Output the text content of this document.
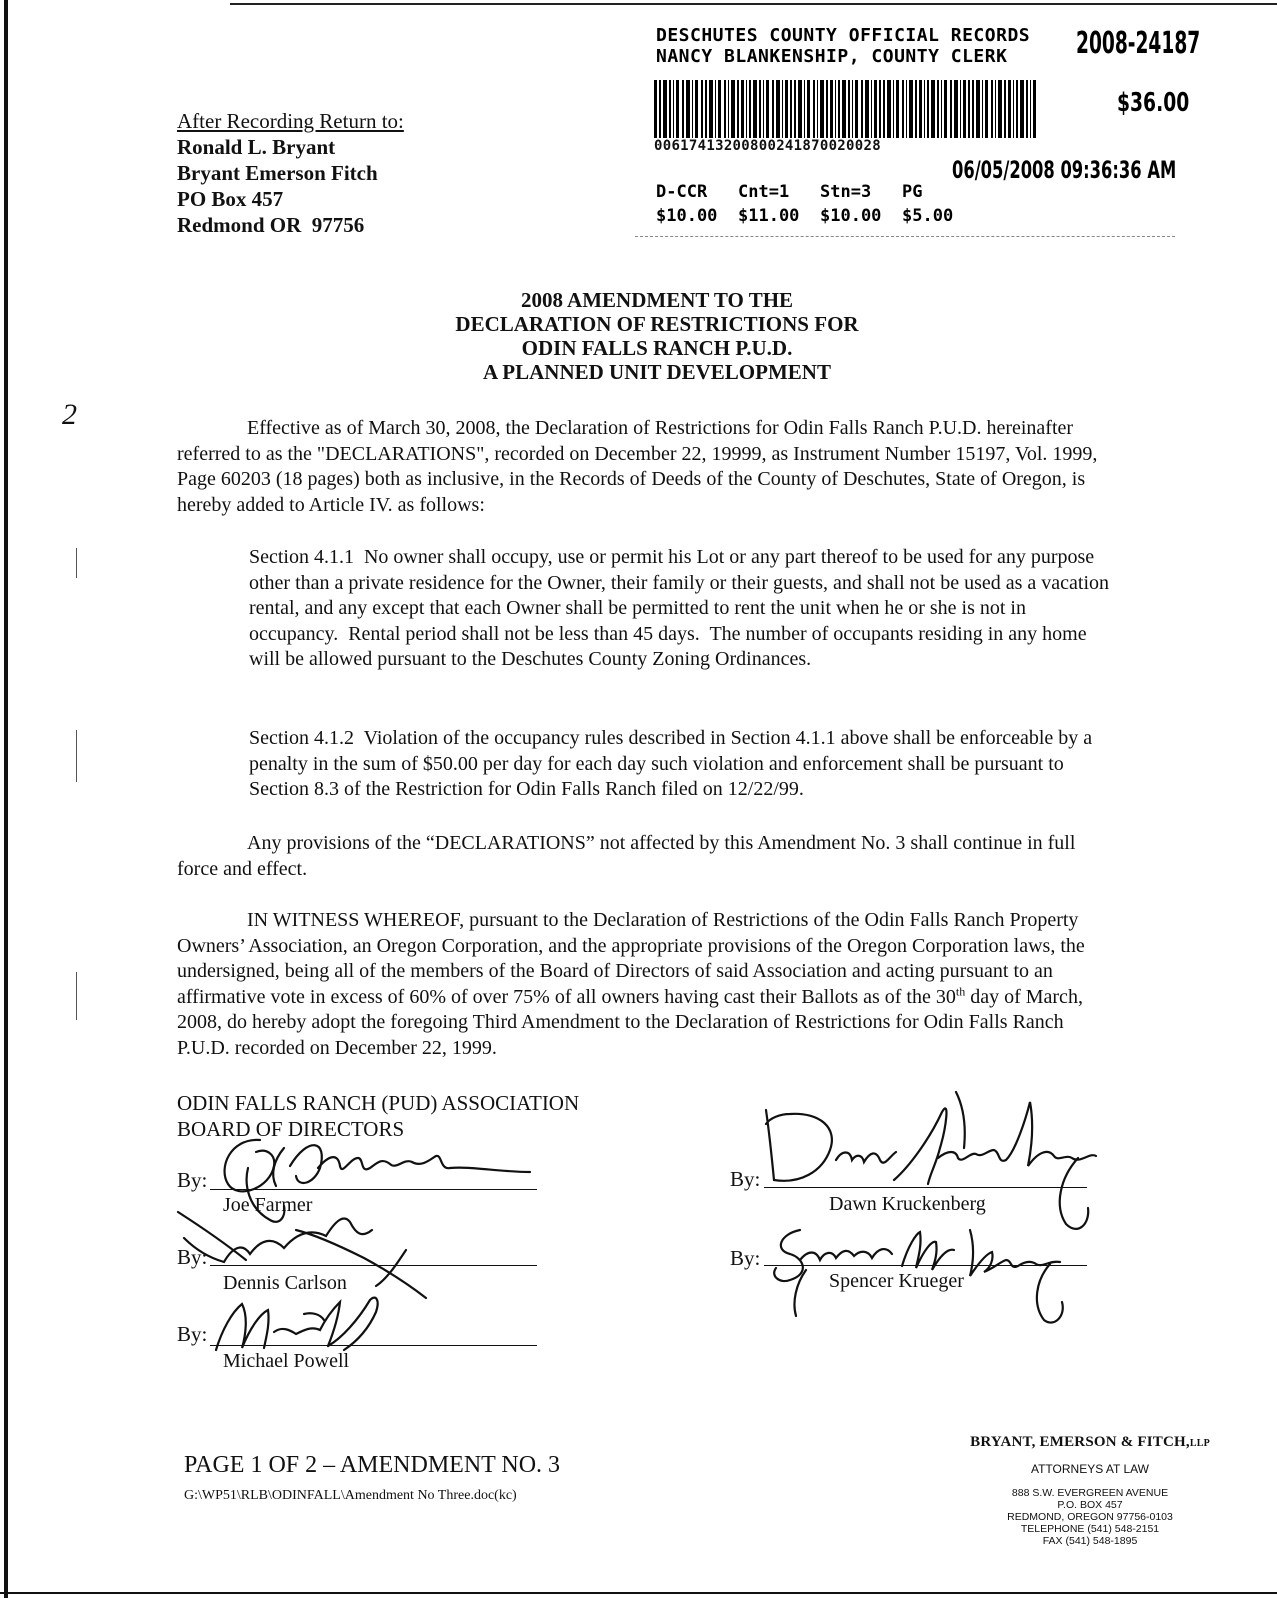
DESCHUTES COUNTY OFFICIAL RECORDS
NANCY BLANKENSHIP, COUNTY CLERK	2008-24187
$36.00
00617413200800241870020028
06/05/2008 09:36:36 AM
D-CCR Cnt=1 Stn=3 PG
$10.00 $11.00 $10.00 $5.00
After Recording Return to:
Ronald L. Bryant
Bryant Emerson Fitch
PO Box 457
Redmond OR  97756
2008 AMENDMENT TO THE
DECLARATION OF RESTRICTIONS FOR
ODIN FALLS RANCH P.U.D.
A PLANNED UNIT DEVELOPMENT
2	Effective as of March 30, 2008, the Declaration of Restrictions for Odin Falls Ranch P.U.D. hereinafter referred to as the "DECLARATIONS", recorded on December 22, 19999, as Instrument Number 15197, Vol. 1999, Page 60203 (18 pages) both as inclusive, in the Records of Deeds of the County of Deschutes, State of Oregon, is hereby added to Article IV. as follows:
Section 4.1.1  No owner shall occupy, use or permit his Lot or any part thereof to be used for any purpose other than a private residence for the Owner, their family or their guests, and shall not be used as a vacation rental, and any except that each Owner shall be permitted to rent the unit when he or she is not in occupancy.  Rental period shall not be less than 45 days.  The number of occupants residing in any home will be allowed pursuant to the Deschutes County Zoning Ordinances.
Section 4.1.2  Violation of the occupancy rules described in Section 4.1.1 above shall be enforceable by a penalty in the sum of $50.00 per day for each day such violation and enforcement shall be pursuant to Section 8.3 of the Restriction for Odin Falls Ranch filed on 12/22/99.
Any provisions of the “DECLARATIONS” not affected by this Amendment No. 3 shall continue in full force and effect.
IN WITNESS WHEREOF, pursuant to the Declaration of Restrictions of the Odin Falls Ranch Property Owners’ Association, an Oregon Corporation, and the appropriate provisions of the Oregon Corporation laws, the undersigned, being all of the members of the Board of Directors of said Association and acting pursuant to an affirmative vote in excess of 60% of over 75% of all owners having cast their Ballots as of the 30th day of March, 2008, do hereby adopt the foregoing Third Amendment to the Declaration of Restrictions for Odin Falls Ranch P.U.D. recorded on December 22, 1999.
ODIN FALLS RANCH (PUD) ASSOCIATION
BOARD OF DIRECTORS
By:
Joe Farmer
By:
Dennis Carlson
By:
Michael Powell
By:
Dawn Kruckenberg
By:
Spencer Krueger
PAGE 1 OF 2 – AMENDMENT NO. 3
G:\WP51\RLB\ODINFALL\Amendment No Three.doc(kc)
BRYANT, EMERSON & FITCH,LLP
ATTORNEYS AT LAW
888 S.W. EVERGREEN AVENUE
P.O. BOX 457
REDMOND, OREGON 97756-0103
TELEPHONE (541) 548-2151
FAX (541) 548-1895
